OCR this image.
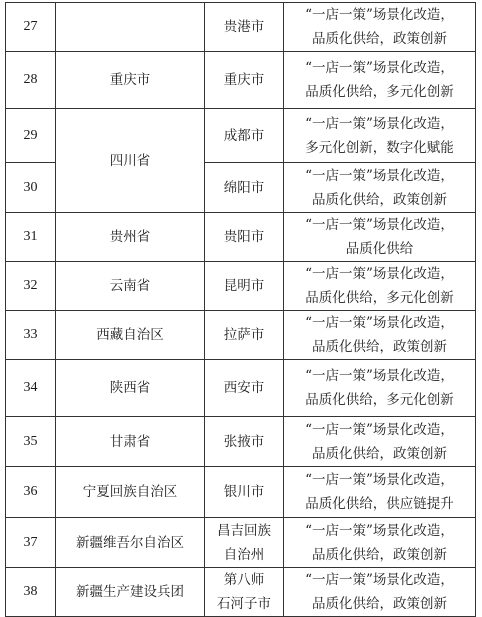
27		贵港市	“一店一策”场景化改造，
品质化供给，政策创新

28	重庆市	重庆市	“一店一策”场景化改造，
品质化供给，多元化创新

29	四川省	成都市	“一店一策”场景化改造，
多元化创新，数字化赋能

30		绵阳市	“一店一策”场景化改造，
品质化供给，政策创新

31	贵州省	贵阳市	“一店一策”场景化改造，
品质化供给

32	云南省	昆明市	“一店一策”场景化改造，
品质化供给，多元化创新

33	西藏自治区	拉萨市	“一店一策”场景化改造，
品质化供给，政策创新

34	陕西省	西安市	“一店一策”场景化改造，
品质化供给，多元化创新

35	甘肃省	张掖市	“一店一策”场景化改造，
品质化供给，政策创新

36	宁夏回族自治区	银川市	“一店一策”场景化改造，
品质化供给，供应链提升

37	新疆维吾尔自治区	昌吉回族
自治州	“一店一策”场景化改造，
品质化供给，政策创新

38	新疆生产建设兵团	第八师
石河子市	“一店一策”场景化改造，
品质化供给，政策创新
